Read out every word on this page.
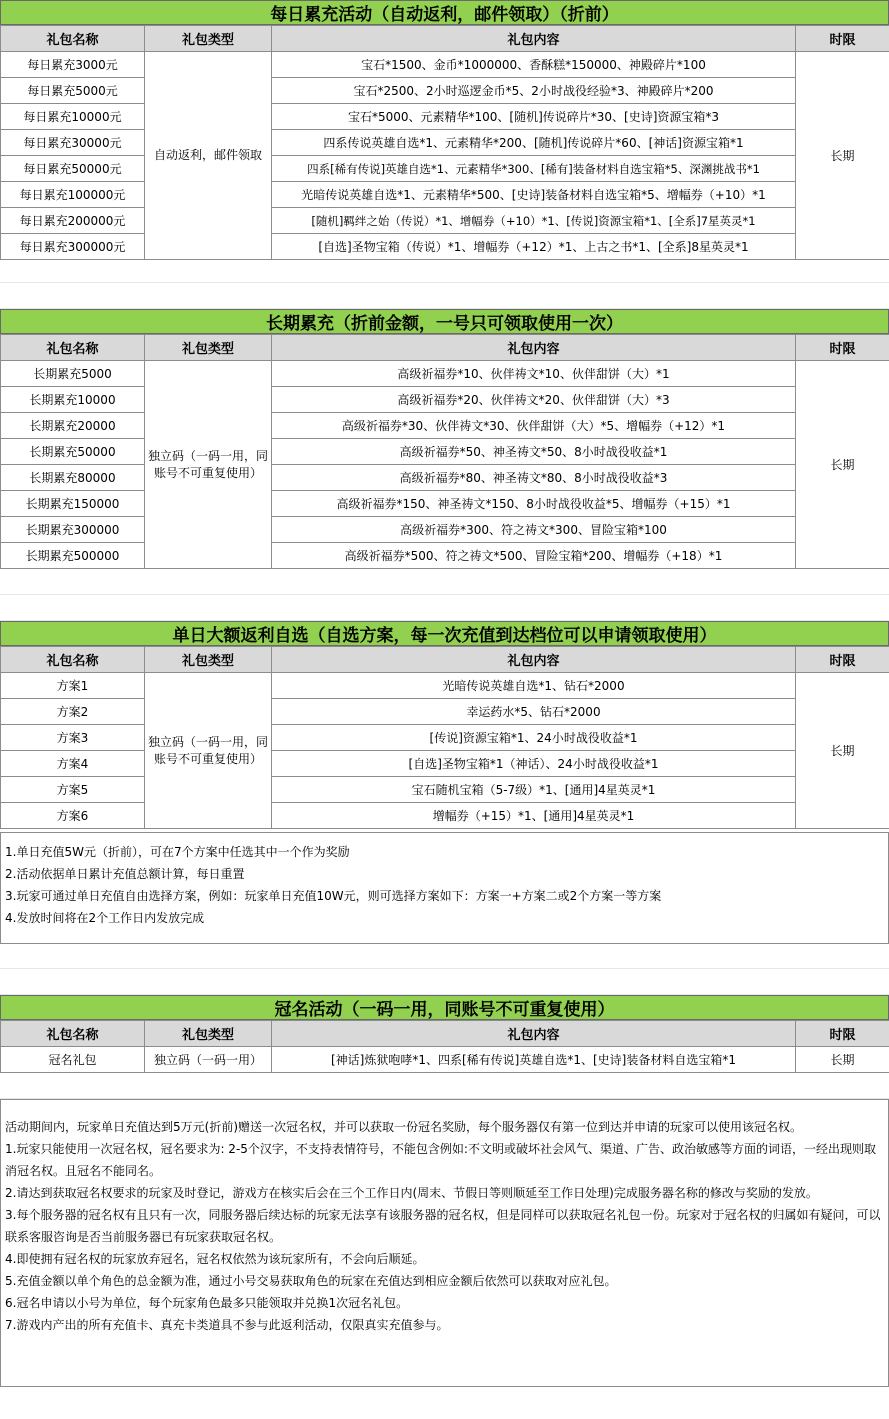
每日累充活动（自动返利，邮件领取）（折前）
礼包名称	礼包类型	礼包内容	时限
每日累充3000元	自动返利，邮件领取	宝石*1500、金币*1000000、香酥糕*150000、神殿碎片*100	长期
每日累充5000元		宝石*2500、2小时巡逻金币*5、2小时战役经验*3、神殿碎片*200	
每日累充10000元		宝石*5000、元素精华*100、[随机]传说碎片*30、[史诗]资源宝箱*3	
每日累充30000元		四系传说英雄自选*1、元素精华*200、[随机]传说碎片*60、[神话]资源宝箱*1	
每日累充50000元		四系[稀有传说]英雄自选*1、元素精华*300、[稀有]装备材料自选宝箱*5、深渊挑战书*1	
每日累充100000元		光暗传说英雄自选*1、元素精华*500、[史诗]装备材料自选宝箱*5、增幅券（+10）*1	
每日累充200000元		[随机]羁绊之始（传说）*1、增幅券（+10）*1、[传说]资源宝箱*1、[全系]7星英灵*1	
每日累充300000元		[自选]圣物宝箱（传说）*1、增幅券（+12）*1、上古之书*1、[全系]8星英灵*1	
长期累充（折前金额，一号只可领取使用一次）
礼包名称	礼包类型	礼包内容	时限
长期累充5000	独立码（一码一用，同账号不可重复使用）	高级祈福券*10、伙伴祷文*10、伙伴甜饼（大）*1	长期
长期累充10000		高级祈福券*20、伙伴祷文*20、伙伴甜饼（大）*3	
长期累充20000		高级祈福券*30、伙伴祷文*30、伙伴甜饼（大）*5、增幅券（+12）*1	
长期累充50000		高级祈福券*50、神圣祷文*50、8小时战役收益*1	
长期累充80000		高级祈福券*80、神圣祷文*80、8小时战役收益*3	
长期累充150000		高级祈福券*150、神圣祷文*150、8小时战役收益*5、增幅券（+15）*1	
长期累充300000		高级祈福券*300、符之祷文*300、冒险宝箱*100	
长期累充500000		高级祈福券*500、符之祷文*500、冒险宝箱*200、增幅券（+18）*1	
单日大额返利自选（自选方案，每一次充值到达档位可以申请领取使用）
礼包名称	礼包类型	礼包内容	时限
方案1	独立码（一码一用，同账号不可重复使用）	光暗传说英雄自选*1、钻石*2000	长期
方案2		幸运药水*5、钻石*2000	
方案3		[传说]资源宝箱*1、24小时战役收益*1	
方案4		[自选]圣物宝箱*1（神话）、24小时战役收益*1	
方案5		宝石随机宝箱（5-7级）*1、[通用]4星英灵*1	
方案6		增幅券（+15）*1、[通用]4星英灵*1	
1.单日充值5W元（折前），可在7个方案中任选其中一个作为奖励
2.活动依据单日累计充值总额计算，每日重置
3.玩家可通过单日充值自由选择方案，例如：玩家单日充值10W元，则可选择方案如下：方案一+方案二或2个方案一等方案
4.发放时间将在2个工作日内发放完成
冠名活动（一码一用，同账号不可重复使用）
礼包名称	礼包类型	礼包内容	时限
冠名礼包	独立码（一码一用）	[神话]炼狱咆哮*1、四系[稀有传说]英雄自选*1、[史诗]装备材料自选宝箱*1	长期
活动期间内，玩家单日充值达到5万元(折前)赠送一次冠名权，并可以获取一份冠名奖励，每个服务器仅有第一位到达并申请的玩家可以使用该冠名权。
1.玩家只能使用一次冠名权，冠名要求为: 2-5个汉字，不支持表情符号，不能包含例如:不文明或破坏社会风气、渠道、广告、政治敏感等方面的词语，一经出现则取消冠名权。且冠名不能同名。
2.请达到获取冠名权要求的玩家及时登记，游戏方在核实后会在三个工作日内(周末、节假日等则顺延至工作日处理)完成服务器名称的修改与奖励的发放。
3.每个服务器的冠名权有且只有一次，同服务器后续达标的玩家无法享有该服务器的冠名权，但是同样可以获取冠名礼包一份。玩家对于冠名权的归属如有疑问，可以联系客服咨询是否当前服务器已有玩家获取冠名权。
4.即使拥有冠名权的玩家放弃冠名，冠名权依然为该玩家所有，不会向后顺延。
5.充值金额以单个角色的总金额为准，通过小号交易获取角色的玩家在充值达到相应金额后依然可以获取对应礼包。
6.冠名申请以小号为单位，每个玩家角色最多只能领取并兑换1次冠名礼包。
7.游戏内产出的所有充值卡、真充卡类道具不参与此返利活动，仅限真实充值参与。
